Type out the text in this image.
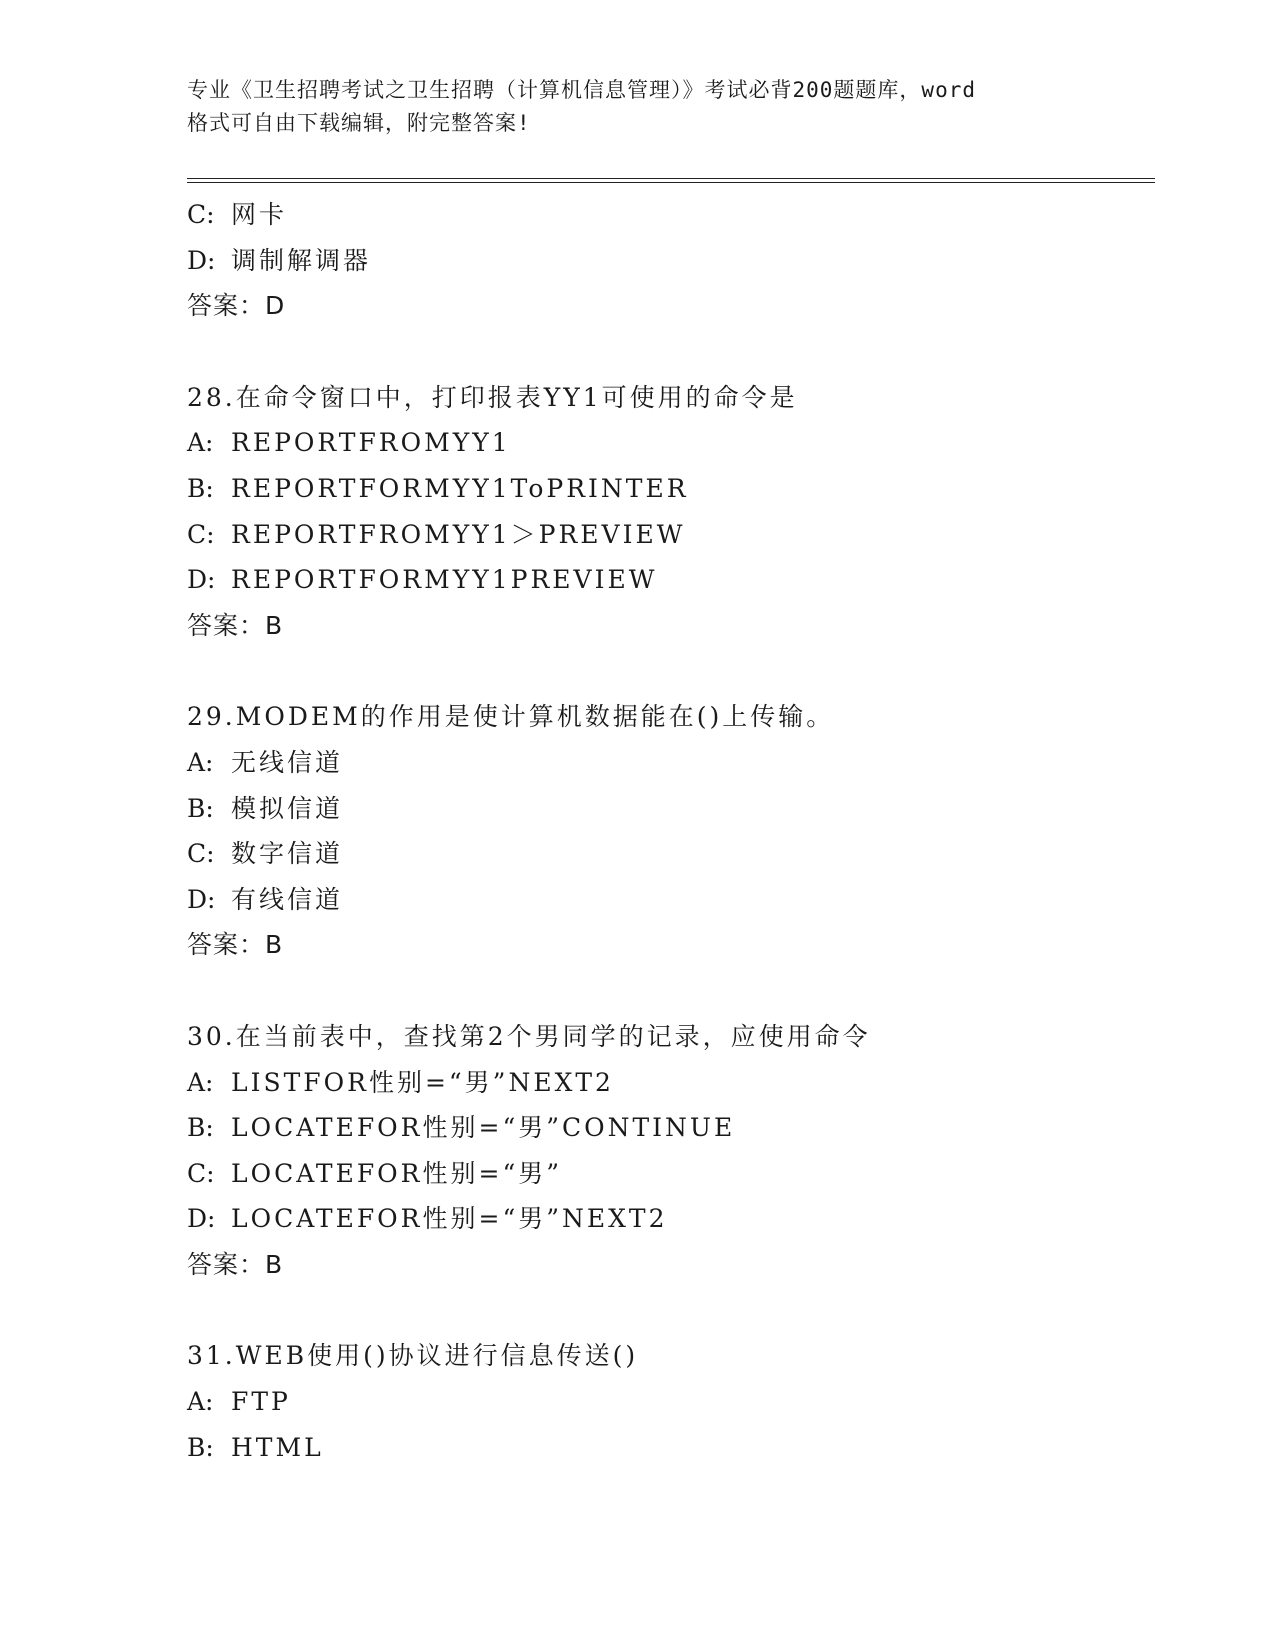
专业《卫生招聘考试之卫生招聘（计算机信息管理）》考试必背200题题库，word
格式可自由下载编辑，附完整答案!
C: 网卡
D: 调制解调器
答案：D
28.在命令窗口中，打印报表YY1可使用的命令是
A: REPORTFROMYY1
B: REPORTFORMYY1ToPRINTER
C: REPORTFROMYY1＞PREVIEW
D: REPORTFORMYY1PREVIEW
答案：B
29.MODEM的作用是使计算机数据能在()上传输。
A: 无线信道
B: 模拟信道
C: 数字信道
D: 有线信道
答案：B
30.在当前表中，查找第2个男同学的记录，应使用命令
A: LISTFOR性别=“男”NEXT2
B: LOCATEFOR性别=“男”CONTINUE
C: LOCATEFOR性别=“男”
D: LOCATEFOR性别=“男”NEXT2
答案：B
31.WEB使用()协议进行信息传送()
A: FTP
B: HTML
